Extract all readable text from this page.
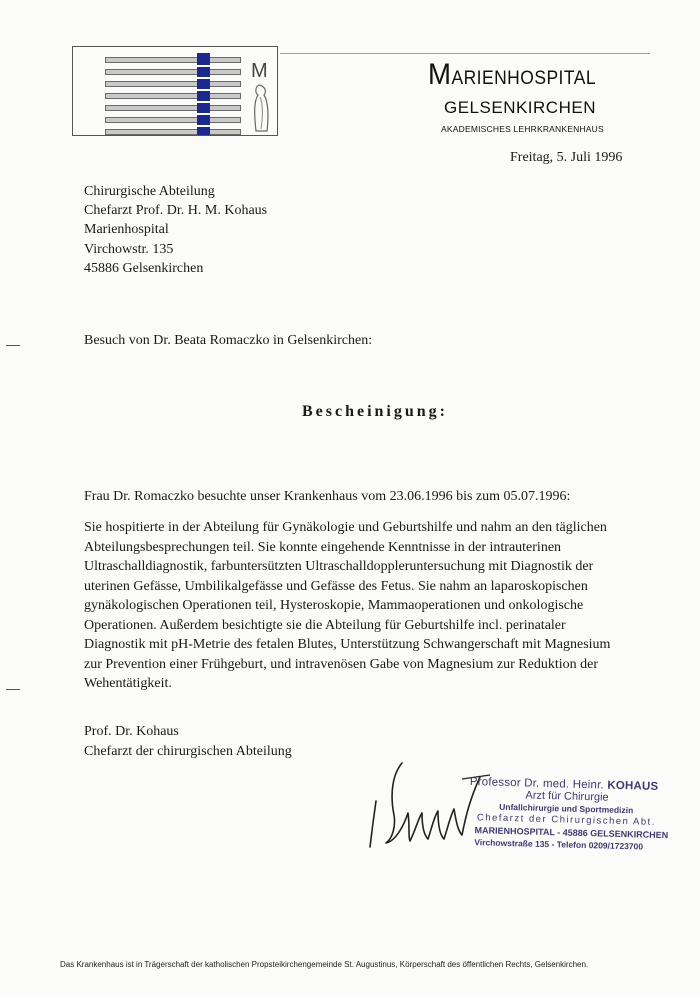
M	MARIENHOSPITAL
GELSENKIRCHEN
AKADEMISCHES LEHRKRANKENHAUS
Freitag, 5. Juli 1996
Chirurgische Abteilung
Chefarzt Prof. Dr. H. M. Kohaus
Marienhospital
Virchowstr. 135
45886 Gelsenkirchen
Besuch von Dr. Beata Romaczko in Gelsenkirchen:
Bescheinigung:

Frau Dr. Romaczko besuchte unser Krankenhaus vom 23.06.1996 bis zum 05.07.1996:

Sie hospitierte in der Abteilung für Gynäkologie und Geburtshilfe und nahm an den täglichen

Abteilungsbesprechungen teil. Sie konnte eingehende Kenntnisse in der intrauterinen

Ultraschalldiagnostik, farbuntersützten Ultraschalldoppleruntersuchung mit Diagnostik der

uterinen Gefässe, Umbilikalgefässe und Gefässe des Fetus. Sie nahm an laparoskopischen

gynäkologischen Operationen teil, Hysteroskopie, Mammaoperationen und onkologische

Operationen. Außerdem besichtigte sie die Abteilung für Geburtshilfe incl. perinataler

Diagnostik mit pH-Metrie des fetalen Blutes, Unterstützung Schwangerschaft mit Magnesium

zur Prevention einer Frühgeburt, und intravenösen Gabe von Magnesium zur Reduktion der

Wehentätigkeit.

Prof. Dr. Kohaus
Chefarzt der chirurgischen Abteilung
Professor Dr. med. Heinr. KOHAUS
Arzt für Chirurgie
Unfallchirurgie und Sportmedizin
Chefarzt der Chirurgischen Abt.
MARIENHOSPITAL - 45886 GELSENKIRCHEN
Virchowstraße 135 - Telefon 0209/1723700
Das Krankenhaus ist in Trägerschaft der katholischen Propsteikirchengemeinde St. Augustinus, Körperschaft des öffentlichen Rechts, Gelsenkirchen.
